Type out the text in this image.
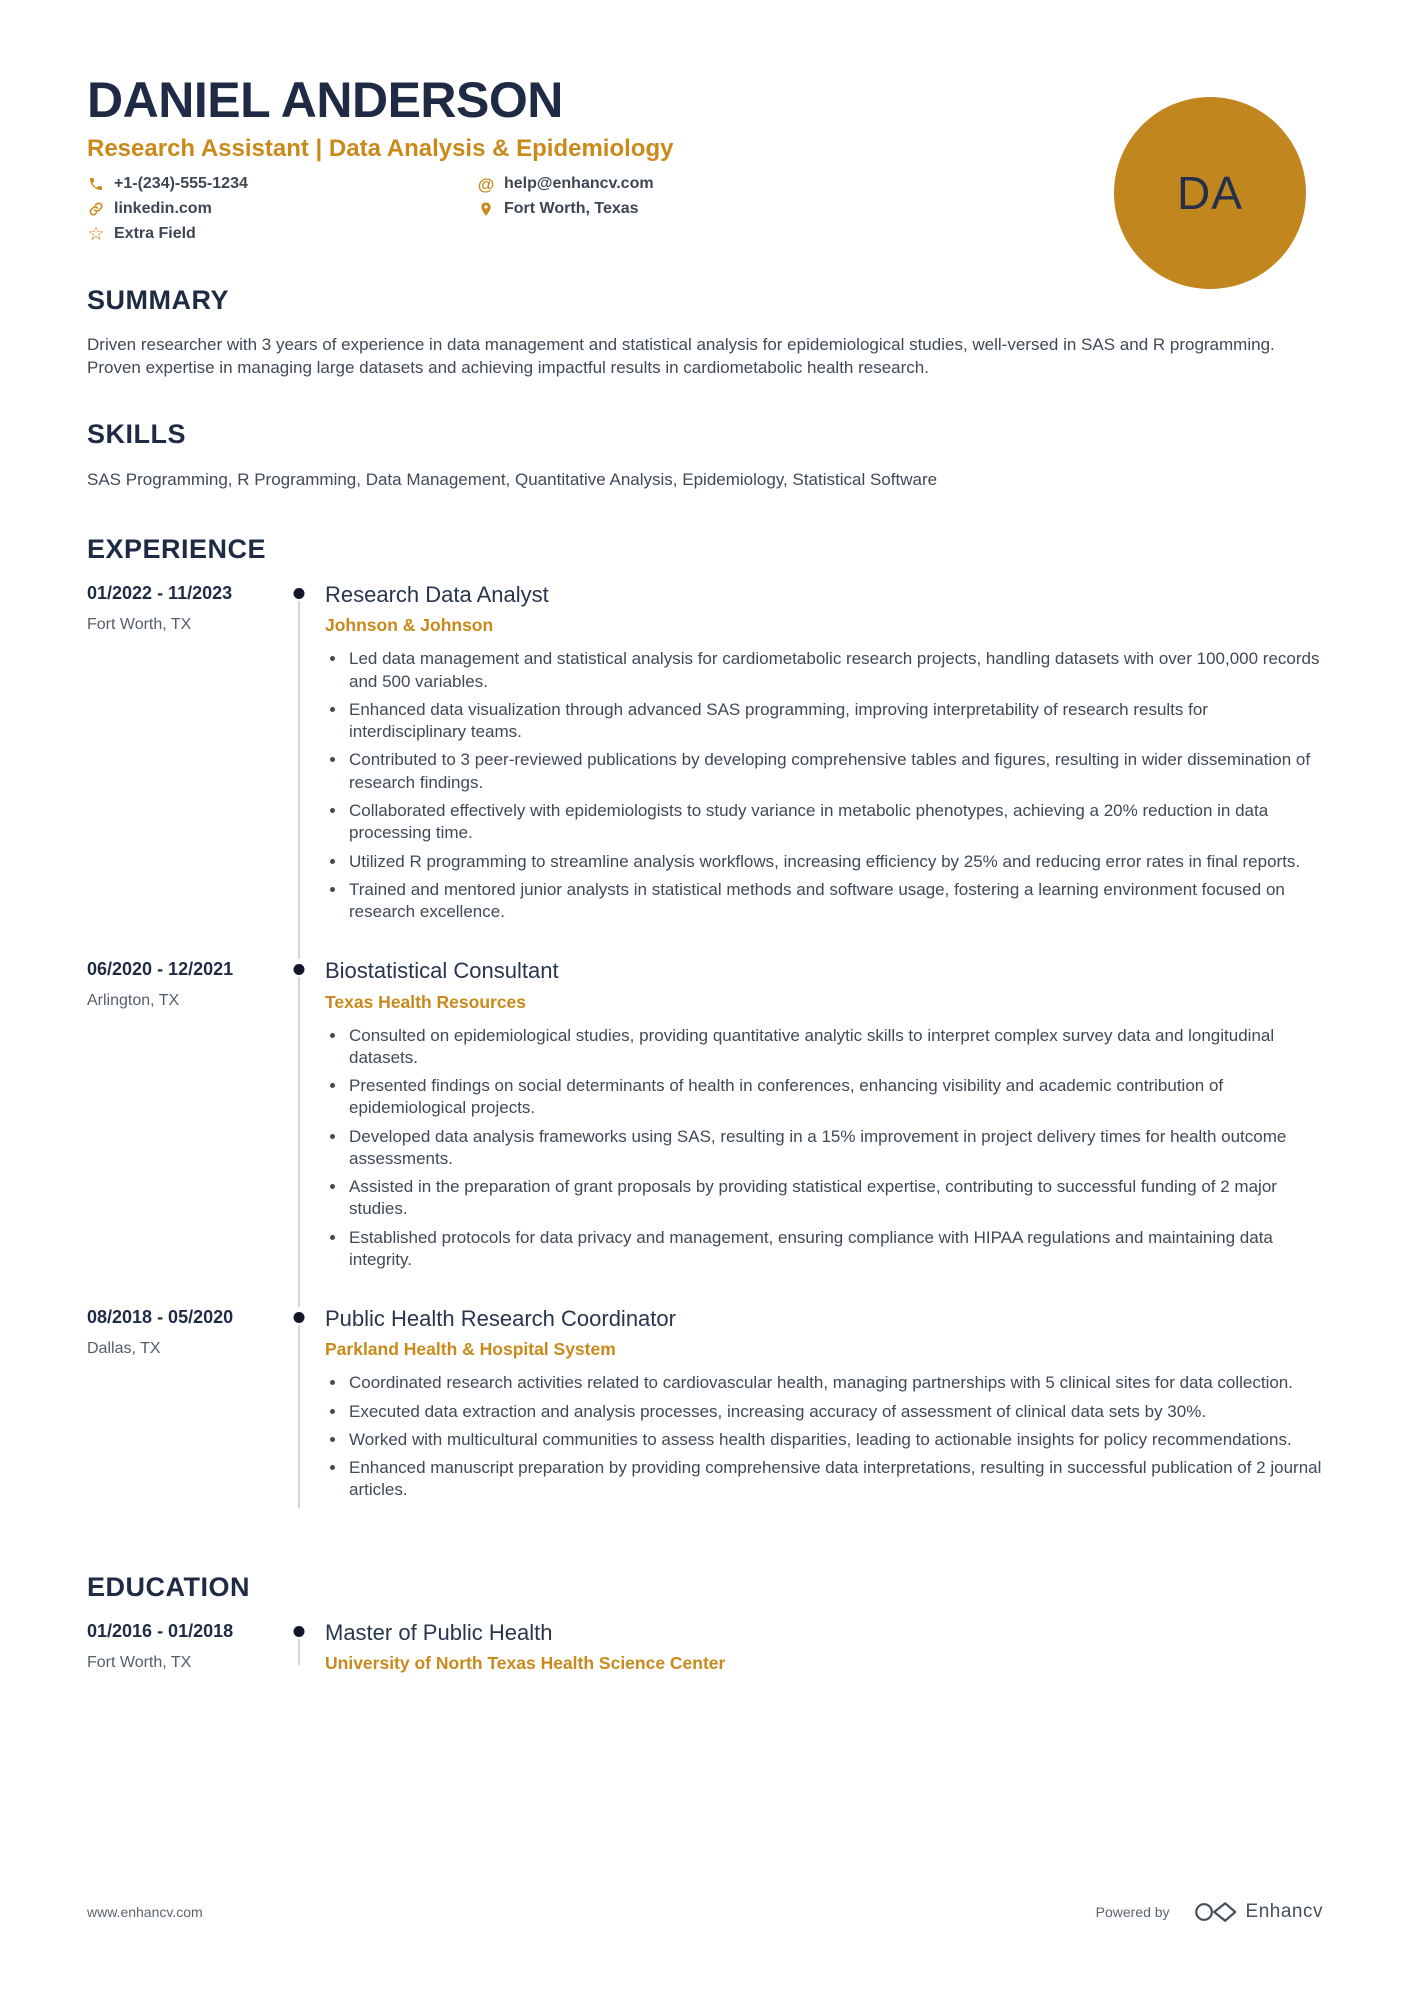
DANIEL ANDERSON
Research Assistant | Data Analysis & Epidemiology
+1-(234)-555-1234	@ help@enhancv.com
linkedin.com	Fort Worth, Texas
☆ Extra Field
SUMMARY

Driven researcher with 3 years of experience in data management and statistical analysis for epidemiological studies, well-versed in SAS and R programming. Proven expertise in managing large datasets and achieving impactful results in cardiometabolic health research.

SKILLS

SAS Programming, R Programming, Data Management, Quantitative Analysis, Epidemiology, Statistical Software

EXPERIENCE
01/2022 - 11/2023
Fort Worth, TX
Research Data Analyst
Johnson & Johnson
• Led data management and statistical analysis for cardiometabolic research projects, handling datasets with over 100,000 records and 500 variables.
• Enhanced data visualization through advanced SAS programming, improving interpretability of research results for interdisciplinary teams.
• Contributed to 3 peer-reviewed publications by developing comprehensive tables and figures, resulting in wider dissemination of research findings.
• Collaborated effectively with epidemiologists to study variance in metabolic phenotypes, achieving a 20% reduction in data processing time.
• Utilized R programming to streamline analysis workflows, increasing efficiency by 25% and reducing error rates in final reports.
• Trained and mentored junior analysts in statistical methods and software usage, fostering a learning environment focused on research excellence.
06/2020 - 12/2021
Arlington, TX
Biostatistical Consultant
Texas Health Resources
• Consulted on epidemiological studies, providing quantitative analytic skills to interpret complex survey data and longitudinal datasets.
• Presented findings on social determinants of health in conferences, enhancing visibility and academic contribution of epidemiological projects.
• Developed data analysis frameworks using SAS, resulting in a 15% improvement in project delivery times for health outcome assessments.
• Assisted in the preparation of grant proposals by providing statistical expertise, contributing to successful funding of 2 major studies.
• Established protocols for data privacy and management, ensuring compliance with HIPAA regulations and maintaining data integrity.
08/2018 - 05/2020
Dallas, TX
Public Health Research Coordinator
Parkland Health & Hospital System
• Coordinated research activities related to cardiovascular health, managing partnerships with 5 clinical sites for data collection.
• Executed data extraction and analysis processes, increasing accuracy of assessment of clinical data sets by 30%.
• Worked with multicultural communities to assess health disparities, leading to actionable insights for policy recommendations.
• Enhanced manuscript preparation by providing comprehensive data interpretations, resulting in successful publication of 2 journal articles.
EDUCATION
01/2016 - 01/2018
Fort Worth, TX
Master of Public Health
University of North Texas Health Science Center
DA
www.enhancv.com	Powered by	Enhancv
